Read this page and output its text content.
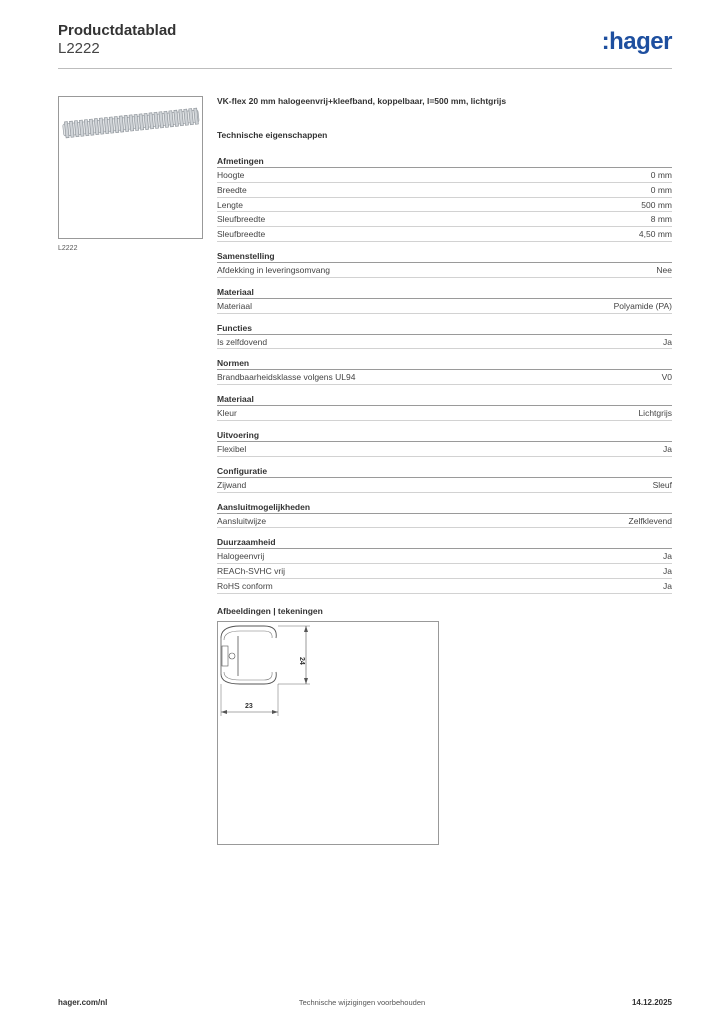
Productdatablad
L2222	:hager
L2222
VK-flex 20 mm halogeenvrij+kleefband, koppelbaar, l=500 mm, lichtgrijs
Technische eigenschappen
Afmetingen
Hoogte	0 mm
Breedte	0 mm
Lengte	500 mm
Sleufbreedte	8 mm
Sleufbreedte	4,50 mm
Samenstelling
Afdekking in leveringsomvang	Nee
Materiaal
Materiaal	Polyamide (PA)
Functies
Is zelfdovend	Ja
Normen
Brandbaarheidsklasse volgens UL94	V0
Materiaal
Kleur	Lichtgrijs
Uitvoering
Flexibel	Ja
Configuratie
Zijwand	Sleuf
Aansluitmogelijkheden
Aansluitwijze	Zelfklevend
Duurzaamheid
Halogeenvrij	Ja
REACh-SVHC vrij	Ja
RoHS conform	Ja
Afbeeldingen | tekeningen
24
23
hager.com/nl	Technische wijzigingen voorbehouden	14.12.2025
